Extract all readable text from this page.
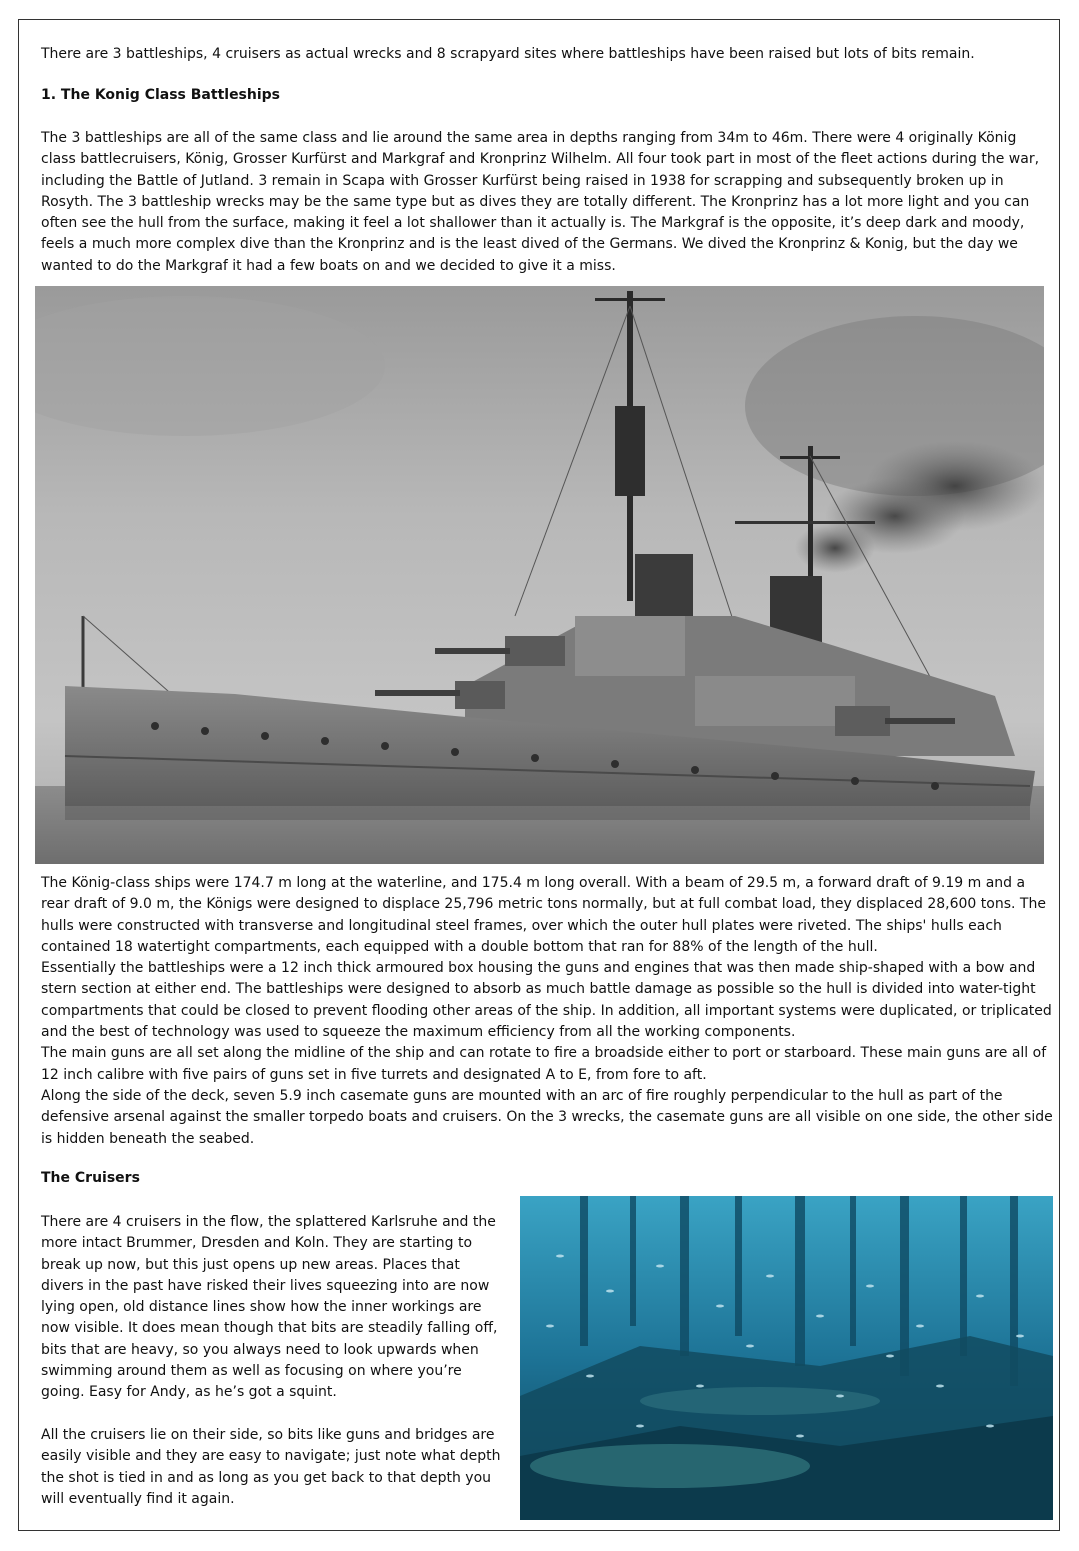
There are 3 battleships, 4 cruisers as actual wrecks and 8 scrapyard sites where battleships have been raised but lots of bits remain.

1. The Konig Class Battleships

The 3 battleships are all of the same class and lie around the same area in depths ranging from 34m to 46m. There were 4 originally König class battlecruisers, König, Grosser Kurfürst and Markgraf and Kronprinz Wilhelm. All four took part in most of the fleet actions during the war, including the Battle of Jutland. 3 remain in Scapa with Grosser Kurfürst being raised in 1938 for scrapping and subsequently broken up in Rosyth. The 3 battleship wrecks may be the same type but as dives they are totally different. The Kronprinz has a lot more light and you can often see the hull from the surface, making it feel a lot shallower than it actually is. The Markgraf is the opposite, it’s deep dark and moody, feels a much more complex dive than the Kronprinz and is the least dived of the Germans. We dived the Kronprinz & Konig, but the day we wanted to do the Markgraf it had a few boats on and we decided to give it a miss.

The König-class ships were 174.7 m long at the waterline, and 175.4 m long overall. With a beam of 29.5 m, a forward draft of 9.19 m and a rear draft of 9.0 m, the Königs were designed to displace 25,796 metric tons normally, but at full combat load, they displaced 28,600 tons. The hulls were constructed with transverse and longitudinal steel frames, over which the outer hull plates were riveted. The ships' hulls each contained 18 watertight compartments, each equipped with a double bottom that ran for 88% of the length of the hull.
Essentially the battleships were a 12 inch thick armoured box housing the guns and engines that was then made ship-shaped with a bow and stern section at either end. The battleships were designed to absorb as much battle damage as possible so the hull is divided into water-tight compartments that could be closed to prevent flooding other areas of the ship. In addition, all important systems were duplicated, or triplicated and the best of technology was used to squeeze the maximum efficiency from all the working components.
The main guns are all set along the midline of the ship and can rotate to fire a broadside either to port or starboard. These main guns are all of 12 inch calibre with five pairs of guns set in five turrets and designated A to E, from fore to aft.
Along the side of the deck, seven 5.9 inch casemate guns are mounted with an arc of fire roughly perpendicular to the hull as part of the defensive arsenal against the smaller torpedo boats and cruisers. On the 3 wrecks, the casemate guns are all visible on one side, the other side is hidden beneath the seabed.

The Cruisers

There are 4 cruisers in the flow, the splattered Karlsruhe and the more intact Brummer, Dresden and Koln. They are starting to break up now, but this just opens up new areas. Places that divers in the past have risked their lives squeezing into are now lying open, old distance lines show how the inner workings are now visible. It does mean though that bits are steadily falling off, bits that are heavy, so you always need to look upwards when swimming around them as well as focusing on where you’re going. Easy for Andy, as he’s got a squint.

All the cruisers lie on their side, so bits like guns and bridges are easily visible and they are easy to navigate; just note what depth the shot is tied in and as long as you get back to that depth you will eventually find it again.
